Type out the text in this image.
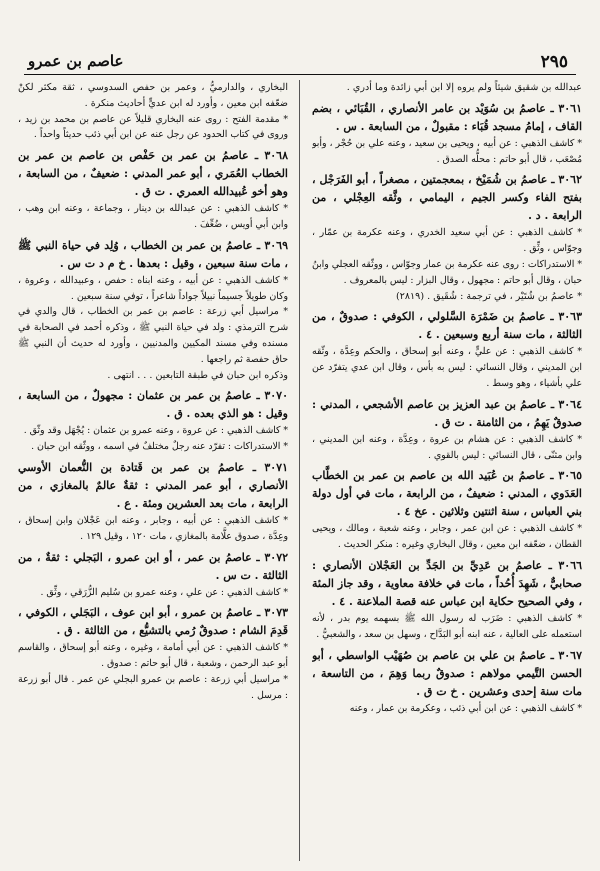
٢٩٥
عاصم بن عمرو

عبدالله بن شقيق شيئاً ولم يروه إلا ابن أبي زائدة وما أدري .

٣٠٦١ ـ عاصمُ بن سُوَيْد بن عامر الأنصاري ، القُبَائي ، بضم القاف ، إمامُ مسجد قُبَاء : مقبولٌ ، من السابعة . س .

* كاشف الذهبي : عن أبيه ، ويحيى بن سعيد ، وعنه علي بن حُجْر ، وأبو مُصْعَب ، قال أبو حاتم : محلُّه الصدق .

٣٠٦٢ ـ عاصمُ بن شُمَيْخ ، بمعجمتين ، مصغراً ، أبو الفَرَجْل ، بفتح الفاء وكسر الجيم ، اليمامي ، وثَّقه العِجْلي ، من الرابعة . د .

* كاشف الذهبي : عن أبي سعيد الخدري ، وعنه عكرمة بن عمّار ، وجوّاس ، وثِّق .

* الاستدراكات : روى عنه عكرمة بن عمار وجوّاس ، ووثّقه العجلي وابنُ حبان ، وقال أبو حاتم : مجهول ، وقال البزار : ليس بالمعروف .

* عاصمُ بن شُتَيْر ، في ترجمة : شُقَيق . (٢٨١٩)

٣٠٦٣ ـ عاصمُ بن ضَمْرَة السَّلولي ، الكوفي : صدوقٌ ، من الثالثة ، مات سنة أربع وسبعين . ٤ .

* كاشف الذهبي : عن عليٍّ ، وعنه أبو إسحاق ، والحكم وعِدَّة ، وثّقه ابن المديني ، وقال النسائي : ليس به بأس ، وقال ابن عدي يتفرّد عن علي بأشياء ، وهو وسط .

٣٠٦٤ ـ عاصمُ بن عبد العزيز بن عاصم الأشجعي ، المدني : صدوقٌ يَهِمُ ، من الثامنة . ت ق .

* كاشف الذهبي : عن هشام بن عروة ، وعِدَّة ، وعنه ابن المديني ، وابن مثنّى ، قال النسائي : ليس بالقوي .

٣٠٦٥ ـ عاصمُ بن عُبَيد الله بن عاصم بن عمر بن الخطَّاب العَدَوي ، المدني : ضعيفٌ ، من الرابعة ، مات في أول دولة بني العباس ، سنة اثنتين وثلاثين . عخ ٤ .

* كاشف الذهبي : عن ابن عمر ، وجابر ، وعنه شعبة ، ومالك ، ويحيى القطان ، ضعّفه ابن معين ، وقال البخاري وغيره : منكر الحديث .

٣٠٦٦ ـ عاصمُ بن عَدِيِّ بن الجَدِّ بن العَجْلان الأنصاري : صحابيٌّ ، شَهِدَ أُحُداً ، مات في خلافة معاوية ، وقد جاز المئة ، وفي الصحيح حكاية ابن عباس عنه قصة الملاعنة . ٤ .

* كاشف الذهبي : ضَرَب له رسول الله ﷺ بسهمه يوم بدر ، لأنه استعمله على العالية ، عنه ابنه أبو البَدَّاح ، وسهل بن سعد ، والشعبيُّ .

٣٠٦٧ ـ عاصمُ بن علي بن عاصم بن صُهَيْب الواسطي ، أبو الحسن التَّيمي مولاهم : صدوقٌ ربما وَهِمَ ، من التاسعة ، مات سنة إحدى وعشرين . خ ت ق .

* كاشف الذهبي : عن ابن أبي ذئب ، وعكرمة بن عمار ، وعنه

البخاري ، والدارميُّ ، وعمر بن حفص السدوسي ، ثقة مكثر لكنْ ضعّفه ابن معين ، وأورد له ابن عديٍّ أحاديث منكرة .

* مقدمة الفتح : روى عنه البخاري قليلاً عن عاصم بن محمد بن زيد ، وروى في كتاب الحدود عن رجل عنه عن ابن أبي ذئب حديثاً واحداً .

٣٠٦٨ ـ عاصمُ بن عمر بن حَفْص بن عاصم بن عمر بن الخطاب العُمَري ، أبو عمر المدني : ضعيفٌ ، من السابعة ، وهو أخو عُبيدالله العمري . ت ق .

* كاشف الذهبي : عن عبدالله بن دينار ، وجماعة ، وعنه ابن وهب ، وابن أبي أويس ، ضُعِّفَ .

٣٠٦٩ ـ عاصمُ بن عمر بن الخطاب ، وُلِد في حياة النبي ﷺ ، مات سنة سبعين ، وقيل : بعدها . خ م د ت س .

* كاشف الذهبي : عن أبيه ، وعنه ابناه : حفص ، وعبيدالله ، وعروة ، وكان طويلاً جسيماً نبيلاً جواداً شاعراً ، توفي سنة سبعين .

* مراسيل أبي زرعة : عاصم بن عمر بن الخطاب ، قال والدي في شرح الترمذي : ولد في حياة النبي ﷺ ، وذكره أحمد في الصحابة في مسنده وفي مسند المكيين والمدنيين ، وأورد له حديث أن النبي ﷺ حاق حفصة ثم راجعها .

وذكره ابن حبان في طبقة التابعين . . . انتهى .

٣٠٧٠ ـ عاصمُ بن عمر بن عثمان : مجهولٌ ، من السابعة ، وقيل : هو الذي بعده . ق .

* كاشف الذهبي : عن عروة ، وعنه عمرو بن عثمان : يُجْهَل وقد وثّق .

* الاستدراكات : تفرّد عنه رجلٌ مختلفٌ في اسمه ، ووثّقه ابن حبان .

٣٠٧١ ـ عاصمُ بن عمر بن قَتادة بن النُّعمان الأوسي الأنصاري ، أبو عمر المدني : ثقةٌ عالمٌ بالمغازي ، من الرابعة ، مات بعد العشرين ومئة . ع .

* كاشف الذهبي : عن أبيه ، وجابر ، وعنه ابن عَجْلان وابن إسحاق ، وعِدَّة ، صدوق علَّامة بالمغازي ، مات ١٢٠ ، وقيل ١٢٩ .

٣٠٧٢ ـ عاصمُ بن عمر ، أو ابن عمرو ، البَجلي : ثقةٌ ، من الثالثة . ت س .

* كاشف الذهبي : عن علي ، وعنه عمرو بن سُليم الزُّرَقي ، وثِّق .

٣٠٧٣ ـ عاصمُ بن عمرو ، أبو ابن عوف ، البَجَلي ، الكوفي ، قَدِمَ الشام : صدوقٌ رُمي بالتشيُّع ، من الثالثة . ق .

* كاشف الذهبي : عن أبي أمامة ، وغيره ، وعنه أبو إسحاق ، والقاسم أبو عبد الرحمن ، وشعبة ، قال أبو حاتم : صدوق .

* مراسيل أبي زرعة : عاصم بن عمرو البجلي عن عمر . قال أبو زرعة : مرسل .
